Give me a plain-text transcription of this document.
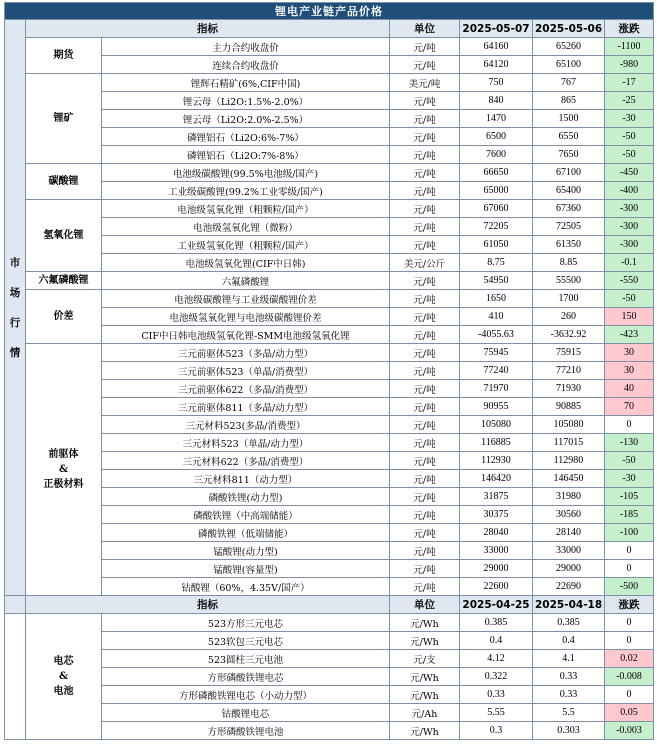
锂电产业链产品价格						

市
场
行
情	指标		单位	2025-05-07	2025-05-06	涨跌
	期货	主力合约收盘价	元/吨	64160	65260	-1100
		连续合约收盘价	元/吨	64120	65100	-980
	锂矿	锂辉石精矿(6%,CIF中国)	美元/吨	750	767	-17
		锂云母（Li2O:1.5%-2.0%）	元/吨	840	865	-25
		锂云母（Li2O:2.0%-2.5%）	元/吨	1470	1500	-30
		磷锂铝石（Li2O:6%-7%）	元/吨	6500	6550	-50
		磷锂铝石（Li2O:7%-8%）	元/吨	7600	7650	-50
	碳酸锂	电池级碳酸锂(99.5%电池级/国产)	元/吨	66650	67100	-450
		工业级碳酸锂(99.2%工业零级/国产)	元/吨	65000	65400	-400
	氢氧化锂	电池级氢氧化锂（粗颗粒/国产）	元/吨	67060	67360	-300
		电池级氢氧化锂（微粉）	元/吨	72205	72505	-300
		工业级氢氧化锂（粗颗粒/国产）	元/吨	61050	61350	-300
		电池级氢氧化锂(CIF中日韩)	美元/公斤	8.75	8.85	-0.1
	六氟磷酸锂	六氟磷酸锂	元/吨	54950	55500	-550
	价差	电池级碳酸锂与工业级碳酸锂价差	元/吨	1650	1700	-50
		电池级氢氧化锂与电池级碳酸锂价差	元/吨	410	260	150
		CIF中日韩电池级氢氧化锂-SMM电池级氢氧化锂	元/吨	-4055.63	-3632.92	-423

	前驱体
&
正极材料	三元前驱体523（多晶/动力型）	元/吨	75945	75915	30
		三元前驱体523（单晶/消费型）	元/吨	77240	77210	30
		三元前驱体622（多晶/消费型）	元/吨	71970	71930	40
		三元前驱体811（多晶/动力型）	元/吨	90955	90885	70
		三元材料523(多晶/消费型）	元/吨	105080	105080	0
		三元材料523（单晶/动力型）	元/吨	116885	117015	-130
		三元材料622（多晶/消费型）	元/吨	112930	112980	-50
		三元材料811（动力型）	元/吨	146420	146450	-30
		磷酸铁锂(动力型)	元/吨	31875	31980	-105
		磷酸铁锂（中高端储能）	元/吨	30375	30560	-185
		磷酸铁锂（低端储能）	元/吨	28040	28140	-100
		锰酸锂(动力型)	元/吨	33000	33000	0
		锰酸锂(容量型)	元/吨	29000	29000	0
		钴酸锂（60%，4.35V/国产）	元/吨	22600	22690	-500
	指标		单位	2025-04-25	2025-04-18	涨跌

	电芯
&
电池	523方形三元电芯	元/Wh	0.385	0.385	0
		523软包三元电芯	元/Wh	0.4	0.4	0
		523圆柱三元电池	元/支	4.12	4.1	0.02
		方形磷酸铁锂电芯	元/Wh	0.322	0.33	-0.008
		方形磷酸铁锂电芯（小动力型）	元/Wh	0.33	0.33	0
		钴酸锂电芯	元/Ah	5.55	5.5	0.05
		方形磷酸铁锂电池	元/Wh	0.3	0.303	-0.003
